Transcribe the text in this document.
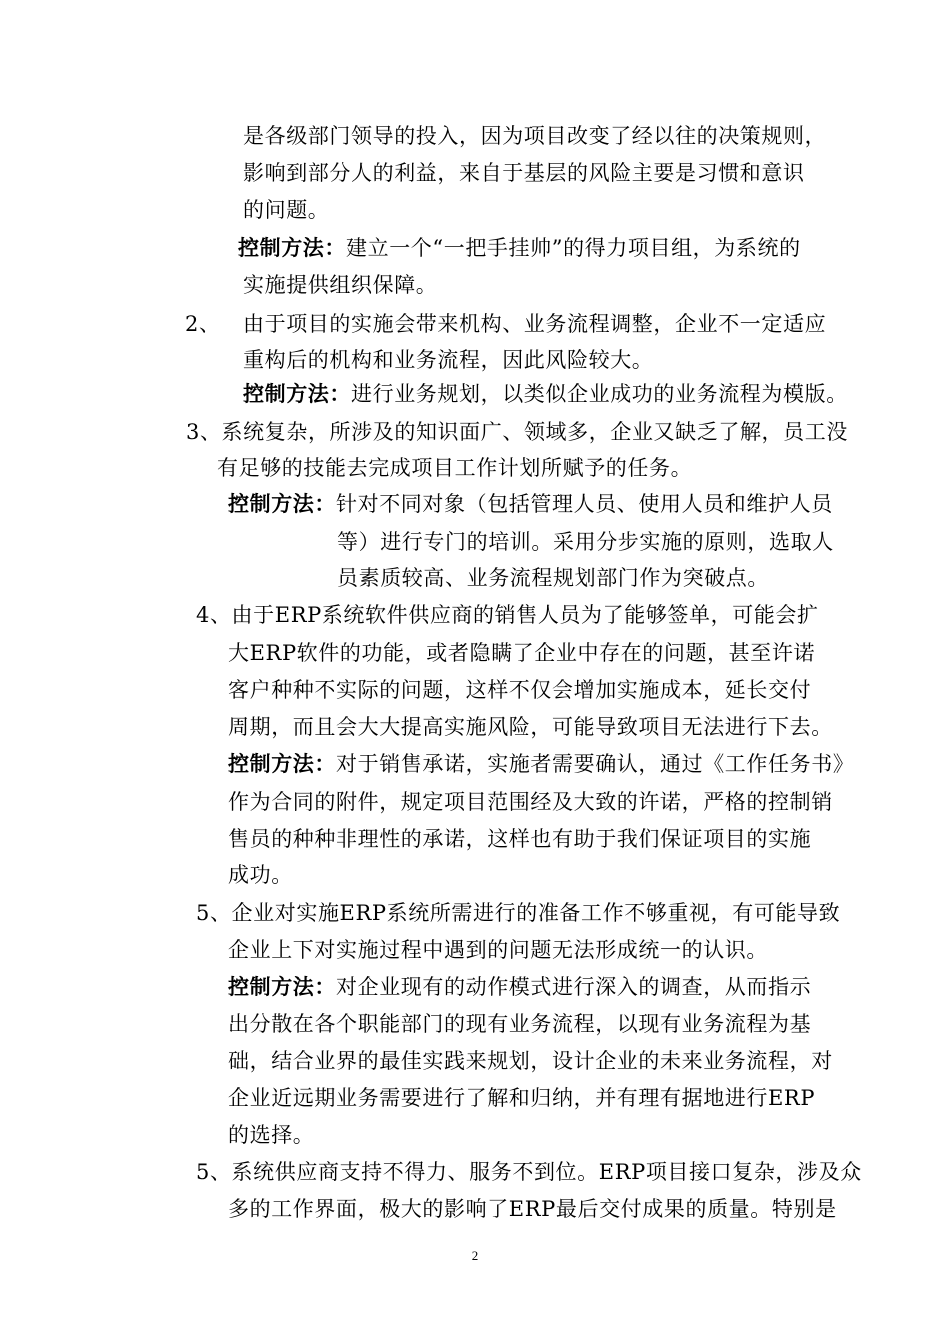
是各级部门领导的投入，因为项目改变了经以往的决策规则，
影响到部分人的利益，来自于基层的风险主要是习惯和意识
的问题。
控制方法：建立一个“一把手挂帅”的得力项目组，为系统的
实施提供组织保障。
2、 由于项目的实施会带来机构、业务流程调整，企业不一定适应
重构后的机构和业务流程，因此风险较大。
控制方法：进行业务规划，以类似企业成功的业务流程为模版。
3、系统复杂，所涉及的知识面广、领域多，企业又缺乏了解，员工没
有足够的技能去完成项目工作计划所赋予的任务。
控制方法：针对不同对象（包括管理人员、使用人员和维护人员
等）进行专门的培训。采用分步实施的原则，选取人
员素质较高、业务流程规划部门作为突破点。
4、由于ERP系统软件供应商的销售人员为了能够签单，可能会扩
大ERP软件的功能，或者隐瞒了企业中存在的问题，甚至许诺
客户种种不实际的问题，这样不仅会增加实施成本，延长交付
周期，而且会大大提高实施风险，可能导致项目无法进行下去。
控制方法：对于销售承诺，实施者需要确认，通过《工作任务书》
作为合同的附件，规定项目范围经及大致的许诺，严格的控制销
售员的种种非理性的承诺，这样也有助于我们保证项目的实施
成功。
5、企业对实施ERP系统所需进行的准备工作不够重视，有可能导致
企业上下对实施过程中遇到的问题无法形成统一的认识。
控制方法：对企业现有的动作模式进行深入的调查，从而指示
出分散在各个职能部门的现有业务流程，以现有业务流程为基
础，结合业界的最佳实践来规划，设计企业的未来业务流程，对
企业近远期业务需要进行了解和归纳，并有理有据地进行ERP
的选择。
5、系统供应商支持不得力、服务不到位。ERP项目接口复杂，涉及众
多的工作界面，极大的影响了ERP最后交付成果的质量。特别是
2
